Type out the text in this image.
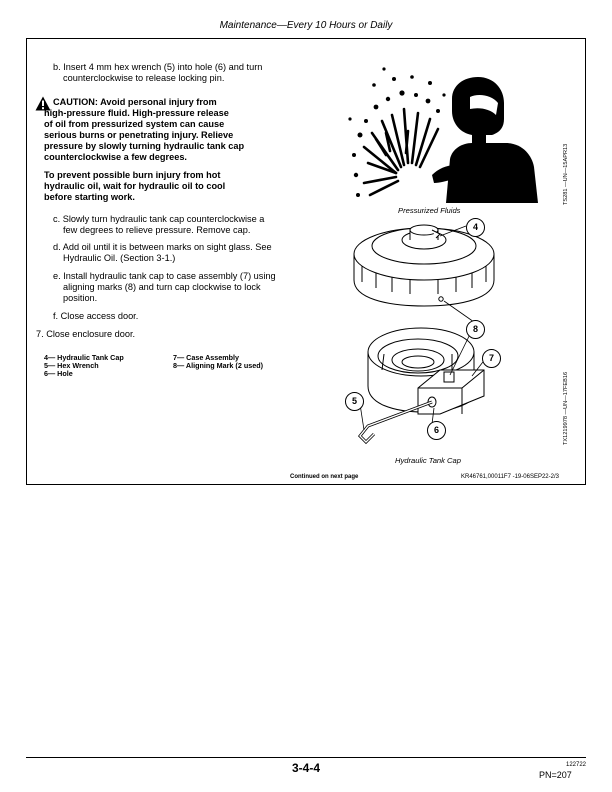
Maintenance—Every 10 Hours or Daily
b. Insert 4 mm hex wrench (5) into hole (6) and turn
counterclockwise to release locking pin.
CAUTION: Avoid personal injury from
high-pressure fluid. High-pressure release
of oil from pressurized system can cause
serious burns or penetrating injury. Relieve
pressure by slowly turning hydraulic tank cap
counterclockwise a few degrees.
To prevent possible burn injury from hot
hydraulic oil, wait for hydraulic oil to cool
before starting work.
c. Slowly turn hydraulic tank cap counterclockwise a
few degrees to relieve pressure. Remove cap.
d. Add oil until it is between marks on sight glass. See
Hydraulic Oil. (Section 3-1.)
e. Install hydraulic tank cap to case assembly (7) using
aligning marks (8) and turn cap clockwise to lock
position.
f. Close access door.
7. Close enclosure door.
4— Hydraulic Tank Cap
5— Hex Wrench
6— Hole
7— Case Assembly
8— Aligning Mark (2 used)
Pressurized Fluids
TS281 —UN—15APR13
4
8
7
5
6
Hydraulic Tank Cap
TX1219978 —UN—17FEB16
Continued on next page	KR46761,00011F7 -19-06SEP22-2/3
3-4-4	122722
PN=207
